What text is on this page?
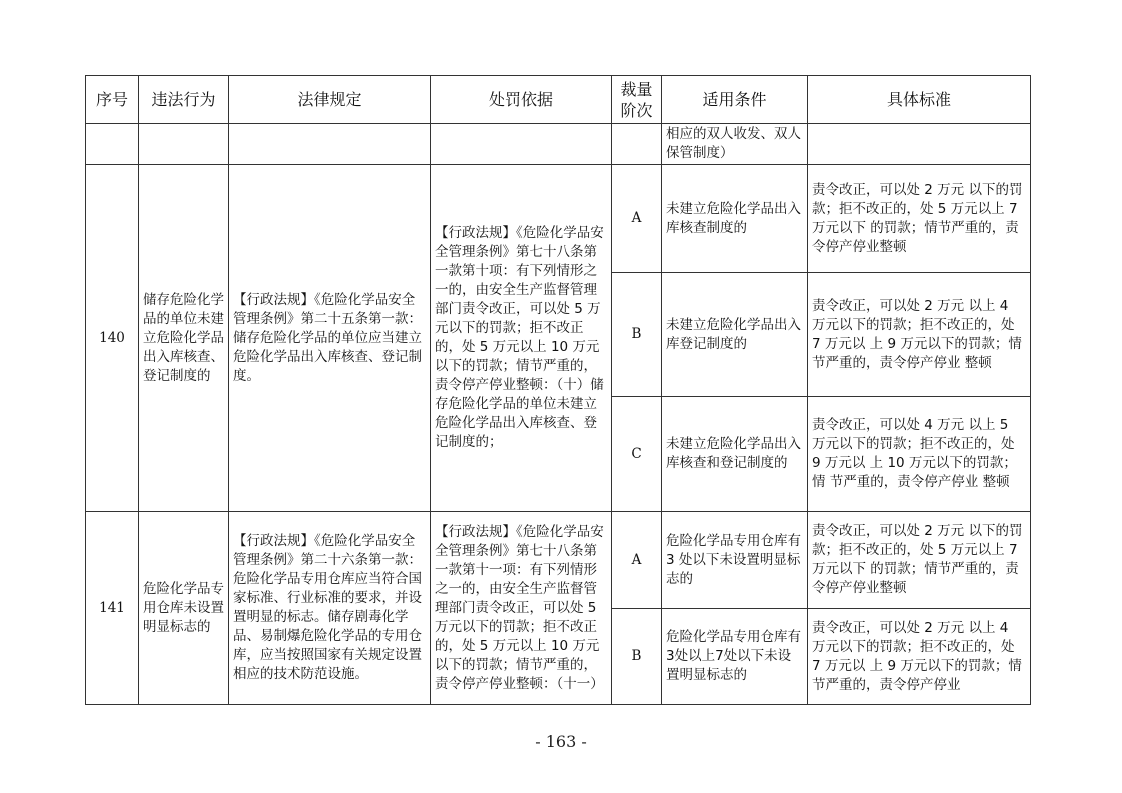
序号	违法行为	法律规定	处罚依据	裁量阶次	适用条件	具体标准
					相应的双人收发、双人保管制度）	
140	储存危险化学品的单位未建立危险化学品出入库核查、登记制度的	【行政法规】《危险化学品安全管理条例》第二十五条第一款：储存危险化学品的单位应当建立危险化学品出入库核查、登记制度。	【行政法规】《危险化学品安全管理条例》第七十八条第一款第十项：有下列情形之一的，由安全生产监督管理部门责令改正，可以处 5 万元以下的罚款；拒不改正的，处 5 万元以上 10 万元以下的罚款；情节严重的，责令停产停业整顿：（十）储存危险化学品的单位未建立危险化学品出入库核查、登记制度的；	A	未建立危险化学品出入库核查制度的	责令改正，可以处 2 万元 以下的罚款；拒不改正的，处 5 万元以上 7 万元以下 的罚款；情节严重的，责 令停产停业整顿
				B	未建立危险化学品出入库登记制度的	责令改正，可以处 2 万元 以上 4 万元以下的罚款；拒不改正的，处 7 万元以 上 9 万元以下的罚款；情 节严重的，责令停产停业 整顿
				C	未建立危险化学品出入库核查和登记制度的	责令改正，可以处 4 万元 以上 5 万元以下的罚款；拒不改正的，处 9 万元以 上 10 万元以下的罚款；情 节严重的，责令停产停业 整顿
141	危险化学品专用仓库未设置明显标志的	【行政法规】《危险化学品安全管理条例》第二十六条第一款：危险化学品专用仓库应当符合国家标准、行业标准的要求，并设置明显的标志。储存剧毒化学品、易制爆危险化学品的专用仓库，应当按照国家有关规定设置相应的技术防范设施。	【行政法规】《危险化学品安全管理条例》第七十八条第一款第十一项：有下列情形之一的，由安全生产监督管理部门责令改正，可以处 5 万元以下的罚款；拒不改正的，处 5 万元以上 10 万元以下的罚款；情节严重的，责令停产停业整顿：（十一）	A	危险化学品专用仓库有 3 处以下未设置明显标志的	责令改正，可以处 2 万元 以下的罚款；拒不改正的，处 5 万元以上 7 万元以下 的罚款；情节严重的，责 令停产停业整顿
				B	危险化学品专用仓库有3处以上7处以下未设置明显标志的	责令改正，可以处 2 万元 以上 4 万元以下的罚款；拒不改正的，处 7 万元以 上 9 万元以下的罚款；情 节严重的，责令停产停业
- 163 -
